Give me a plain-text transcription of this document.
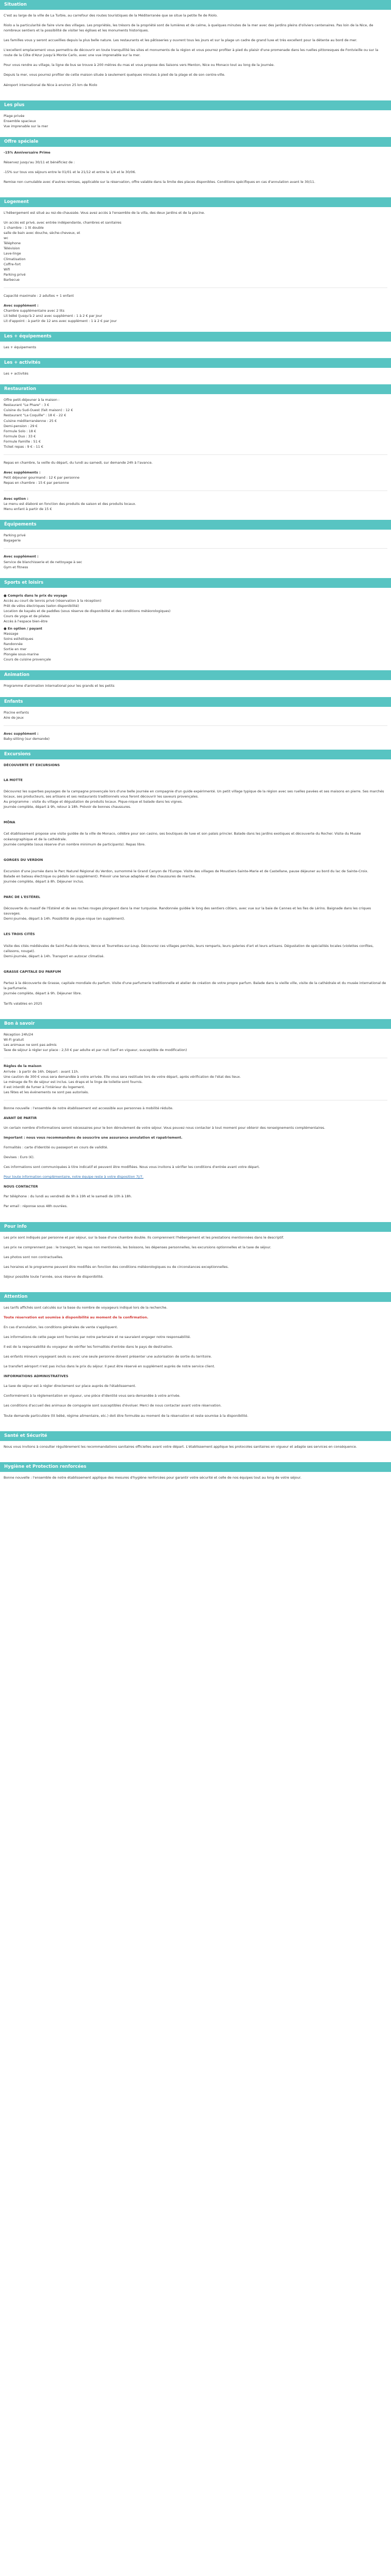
Situation

C'est au large de la ville de La Turbie, au carrefour des routes touristiques de la Méditerranée que se situe la petite île de Riolo.

Riolo a la particularité de faire vivre des villages. Les propriétés, les trésors de la propriété sont de lumières et de calme, à quelques minutes de la mer avec des jardins pleins d'oliviers centenaires. Pas loin de la Nice, de nombreux sentiers et la possibilité de visiter les églises et les monuments historiques.

Les familles vous y seront accueillies depuis la plus belle nature. Les restaurants et les pâtisseries y ouvrent tous les jours et sur la plage un cadre de grand luxe et très excellent pour la détente au bord de mer.

L'excellent emplacement vous permettra de découvrir en toute tranquillité les sites et monuments de la région et vous pourrez profiter à pied du plaisir d'une promenade dans les ruelles pittoresques de Fontvieille ou sur la route de la Côte d'Azur jusqu'à Monte Carlo, avec une vue imprenable sur la mer.

Pour vous rendre au village, la ligne de bus se trouve à 200 mètres du mas et vous propose des liaisons vers Menton, Nice ou Monaco tout au long de la journée.

Depuis la mer, vous pourrez profiter de cette maison située à seulement quelques minutes à pied de la plage et de son centre-ville.

Aéroport international de Nice à environ 25 km de Riolo

Les plus
Plage privée
Ensemble spacieux
Vue imprenable sur la mer
Offre spéciale

-15% Anniversaire Prime

Réservez jusqu'au 30/11 et bénéficiez de :

-15% sur tous vos séjours entre le 01/01 et le 21/12 et entre le 1/4 et le 30/06.

Remise non cumulable avec d'autres remises, applicable sur la réservation, offre valable dans la limite des places disponibles. Conditions spécifiques en cas d'annulation avant le 30/11.

Logement

L'hébergement est situé au rez-de-chaussée. Vous avez accès à l'ensemble de la villa, des deux jardins et de la piscine.

Un accès est privé, avec entrée indépendante, chambres et sanitaires
1 chambre : 1 lit double
salle de bain avec douche, sèche-cheveux, et
wc
Téléphone
Télévision
Lave-linge
Climatisation
Coffre-fort
Wifi
Parking privé
Barbecue

Capacité maximale : 2 adultes + 1 enfant

Avec supplément :
Chambre supplémentaire avec 2 lits
Lit bébé (jusqu'à 2 ans) avec supplément : 1 à 2 € par jour
Lit d'appoint : à partir de 12 ans avec supplément : 1 à 2 € par jour
Les + équipements
Les + équipements
Les + activités
Les + activités
Restauration
Offre petit-déjeuner à la maison :
Restaurant "Le Phare" : 3 €
Cuisine du Sud-Ouest (fait maison) : 12 €
Restaurant "La Coquille" : 18 € - 22 €
Cuisine méditerranéenne : 25 €
Demi-pension : 29 €
Formule Solo : 18 €
Formule Duo : 33 €
Formule Famille : 51 €
Ticket repas : 9 € - 11 €

Repas en chambre, la veille du départ, du lundi au samedi, sur demande 24h à l'avance.

Avec suppléments :
Petit déjeuner gourmand : 12 € par personne
Repas en chambre : 15 € par personne
Avec option :
Le menu est élaboré en fonction des produits de saison et des produits locaux.
Menu enfant à partir de 15 €
Équipements
Parking privé
Bagagerie
Avec supplément :
Service de blanchisserie et de nettoyage à sec
Gym et fitness
Sports et loisirs
● Compris dans le prix du voyage
Accès au court de tennis privé (réservation à la réception)
Prêt de vélos électriques (selon disponibilité)
Location de kayaks et de paddles (sous réserve de disponibilité et des conditions météorologiques)
Cours de yoga et de pilates
Accès à l'espace bien-être
● En option / payant
Massage
Soins esthétiques
Randonnée
Sortie en mer
Plongée sous-marine
Cours de cuisine provençale
Animation
Programme d'animation international pour les grands et les petits
Enfants
Piscine enfants
Aire de jeux
Avec supplément :
Baby-sitting (sur demande)
Excursions

DÉCOUVERTE ET EXCURSIONS

LA MOTTE

Découvrez les superbes paysages de la campagne provençale lors d'une belle journée en compagnie d'un guide expérimenté. Un petit village typique de la région avec ses ruelles pavées et ses maisons en pierre. Ses marchés locaux, ses producteurs, ses artisans et ses restaurants traditionnels vous feront découvrir les saveurs provençales.
Au programme : visite du village et dégustation de produits locaux. Pique-nique et balade dans les vignes.
Journée complète, départ à 9h, retour à 18h. Prévoir de bonnes chaussures.

MÔNA

Cet établissement propose une visite guidée de la ville de Monaco, célèbre pour son casino, ses boutiques de luxe et son palais princier. Balade dans les jardins exotiques et découverte du Rocher. Visite du Musée océanographique et de la cathédrale.
Journée complète (sous réserve d'un nombre minimum de participants). Repas libre.

GORGES DU VERDON

Excursion d'une journée dans le Parc Naturel Régional du Verdon, surnommé le Grand Canyon de l'Europe. Visite des villages de Moustiers-Sainte-Marie et de Castellane, pause déjeuner au bord du lac de Sainte-Croix.
Balade en bateau électrique ou pédalo (en supplément). Prévoir une tenue adaptée et des chaussures de marche.
Journée complète, départ à 8h. Déjeuner inclus.

PARC DE L'ESTÉREL

Découverte du massif de l'Estérel et de ses roches rouges plongeant dans la mer turquoise. Randonnée guidée le long des sentiers côtiers, avec vue sur la baie de Cannes et les îles de Lérins. Baignade dans les criques sauvages.
Demi-journée, départ à 14h. Possibilité de pique-nique (en supplément).

LES TROIS CITÉS

Visite des cités médiévales de Saint-Paul-de-Vence, Vence et Tourrettes-sur-Loup. Découvrez ces villages perchés, leurs remparts, leurs galeries d'art et leurs artisans. Dégustation de spécialités locales (violettes confites, calissons, nougat).
Demi-journée, départ à 14h. Transport en autocar climatisé.

GRASSE CAPITALE DU PARFUM

Partez à la découverte de Grasse, capitale mondiale du parfum. Visite d'une parfumerie traditionnelle et atelier de création de votre propre parfum. Balade dans la vieille ville, visite de la cathédrale et du musée international de la parfumerie.
Journée complète, départ à 9h. Déjeuner libre.

Tarifs valables en 2025

Bon à savoir
Réception 24h/24
Wi-Fi gratuit
Les animaux ne sont pas admis
Taxe de séjour à régler sur place : 2,50 € par adulte et par nuit (tarif en vigueur, susceptible de modification)
Règles de la maison
Arrivée : à partir de 16h. Départ : avant 11h.
Une caution de 300 € vous sera demandée à votre arrivée. Elle vous sera restituée lors de votre départ, après vérification de l'état des lieux.
Le ménage de fin de séjour est inclus. Les draps et le linge de toilette sont fournis.
Il est interdit de fumer à l'intérieur du logement.
Les fêtes et les événements ne sont pas autorisés.

Bonne nouvelle : l'ensemble de notre établissement est accessible aux personnes à mobilité réduite.

AVANT DE PARTIR

Un certain nombre d'informations seront nécessaires pour le bon déroulement de votre séjour. Vous pouvez nous contacter à tout moment pour obtenir des renseignements complémentaires.

Important : nous vous recommandons de souscrire une assurance annulation et rapatriement.

Formalités : carte d'identité ou passeport en cours de validité.

Devises : Euro (€).

Ces informations sont communiquées à titre indicatif et peuvent être modifiées. Nous vous invitons à vérifier les conditions d'entrée avant votre départ.

Pour toute information complémentaire, notre équipe reste à votre disposition 7j/7.

NOUS CONTACTER

Par téléphone : du lundi au vendredi de 9h à 19h et le samedi de 10h à 18h.

Par email : réponse sous 48h ouvrées.

Pour info

Les prix sont indiqués par personne et par séjour, sur la base d'une chambre double. Ils comprennent l'hébergement et les prestations mentionnées dans le descriptif.

Les prix ne comprennent pas : le transport, les repas non mentionnés, les boissons, les dépenses personnelles, les excursions optionnelles et la taxe de séjour.

Les photos sont non contractuelles.

Les horaires et le programme peuvent être modifiés en fonction des conditions météorologiques ou de circonstances exceptionnelles.

Séjour possible toute l'année, sous réserve de disponibilité.

Attention

Les tarifs affichés sont calculés sur la base du nombre de voyageurs indiqué lors de la recherche.

Toute réservation est soumise à disponibilité au moment de la confirmation.

En cas d'annulation, les conditions générales de vente s'appliquent.

Les informations de cette page sont fournies par notre partenaire et ne sauraient engager notre responsabilité.

Il est de la responsabilité du voyageur de vérifier les formalités d'entrée dans le pays de destination.

Les enfants mineurs voyageant seuls ou avec une seule personne doivent présenter une autorisation de sortie du territoire.

Le transfert aéroport n'est pas inclus dans le prix du séjour. Il peut être réservé en supplément auprès de notre service client.

INFORMATIONS ADMINISTRATIVES

La taxe de séjour est à régler directement sur place auprès de l'établissement.

Conformément à la réglementation en vigueur, une pièce d'identité vous sera demandée à votre arrivée.

Les conditions d'accueil des animaux de compagnie sont susceptibles d'évoluer. Merci de nous contacter avant votre réservation.

Toute demande particulière (lit bébé, régime alimentaire, etc.) doit être formulée au moment de la réservation et reste soumise à la disponibilité.

Santé et Sécurité

Nous vous invitons à consulter régulièrement les recommandations sanitaires officielles avant votre départ. L'établissement applique les protocoles sanitaires en vigueur et adapte ses services en conséquence.

Hygiène et Protection renforcées

Bonne nouvelle : l'ensemble de notre établissement applique des mesures d'hygiène renforcées pour garantir votre sécurité et celle de nos équipes tout au long de votre séjour.
